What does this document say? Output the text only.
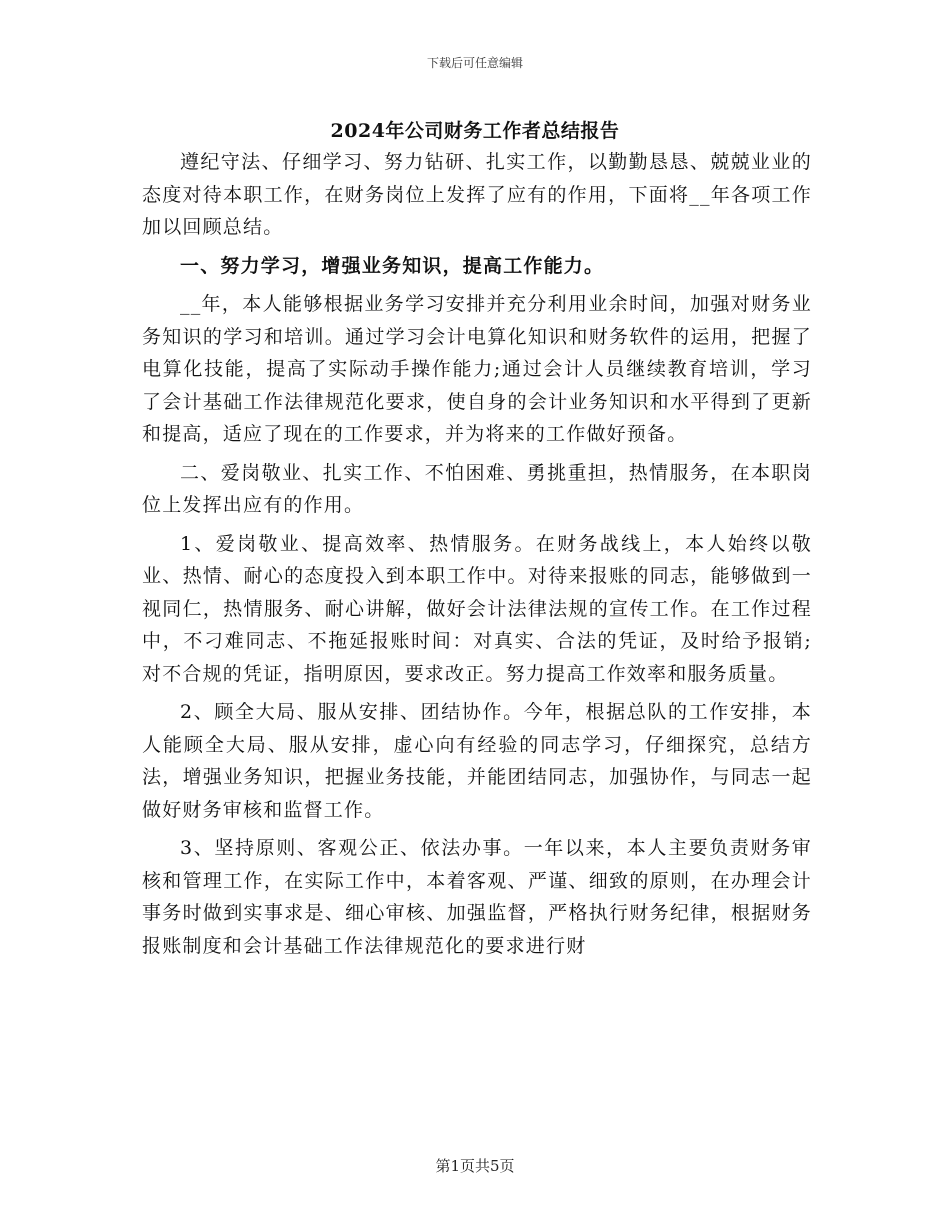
下载后可任意编辑
2024年公司财务工作者总结报告

遵纪守法、仔细学习、努力钻研、扎实工作，以勤勤恳恳、兢兢业业的态度对待本职工作，在财务岗位上发挥了应有的作用，下面将__年各项工作加以回顾总结。

一、努力学习，增强业务知识，提高工作能力。

__年，本人能够根据业务学习安排并充分利用业余时间，加强对财务业务知识的学习和培训。通过学习会计电算化知识和财务软件的运用，把握了电算化技能，提高了实际动手操作能力;通过会计人员继续教育培训，学习了会计基础工作法律规范化要求，使自身的会计业务知识和水平得到了更新和提高，适应了现在的工作要求，并为将来的工作做好预备。

二、爱岗敬业、扎实工作、不怕困难、勇挑重担，热情服务，在本职岗位上发挥出应有的作用。

1、爱岗敬业、提高效率、热情服务。在财务战线上，本人始终以敬业、热情、耐心的态度投入到本职工作中。对待来报账的同志，能够做到一视同仁，热情服务、耐心讲解，做好会计法律法规的宣传工作。在工作过程中，不刁难同志、不拖延报账时间：对真实、合法的凭证，及时给予报销;对不合规的凭证，指明原因，要求改正。努力提高工作效率和服务质量。

2、顾全大局、服从安排、团结协作。今年，根据总队的工作安排，本人能顾全大局、服从安排，虚心向有经验的同志学习，仔细探究，总结方法，增强业务知识，把握业务技能，并能团结同志，加强协作，与同志一起做好财务审核和监督工作。

3、坚持原则、客观公正、依法办事。一年以来，本人主要负责财务审核和管理工作，在实际工作中，本着客观、严谨、细致的原则，在办理会计事务时做到实事求是、细心审核、加强监督，严格执行财务纪律，根据财务报账制度和会计基础工作法律规范化的要求进行财

第1页共5页
